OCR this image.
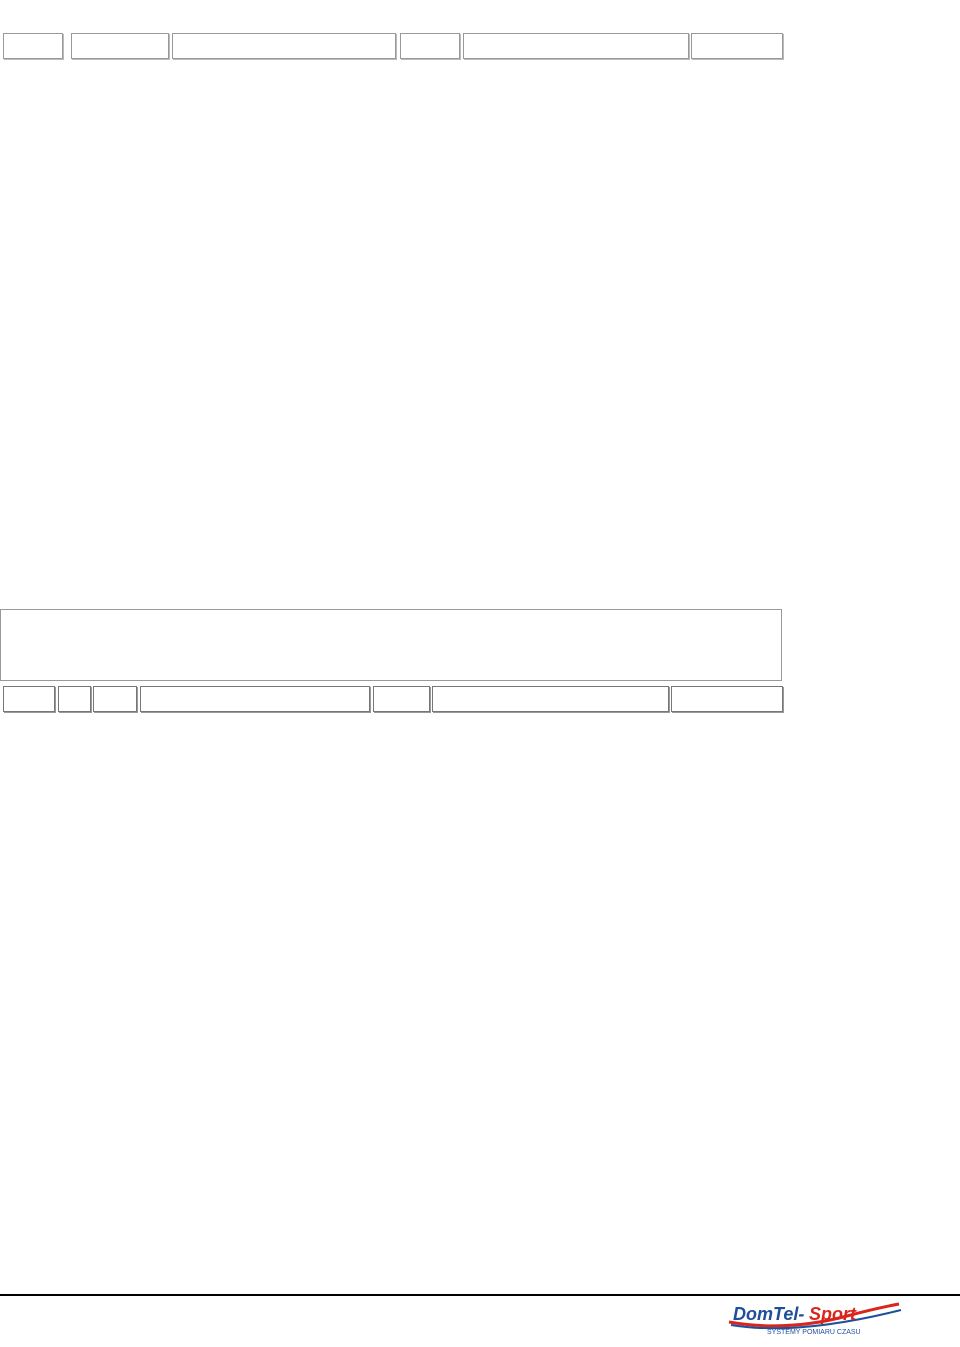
DomTel- Sport
SYSTEMY POMIARU CZASU
